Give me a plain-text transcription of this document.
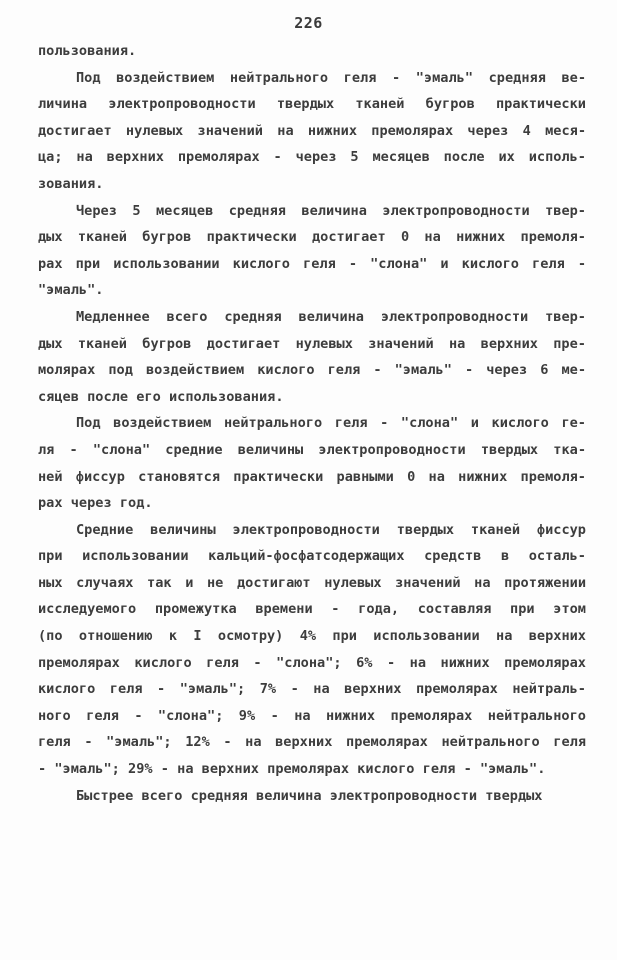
226
пользования.
Под воздействием нейтрального геля - "эмаль" средняя ве-
личина электропроводности твердых тканей бугров практически
достигает нулевых значений на нижних премолярах через 4 меся-
ца; на верхних премолярах - через 5 месяцев после их исполь-
зования.
Через 5 месяцев средняя величина электропроводности твер-
дых тканей бугров практически достигает 0 на нижних премоля-
рах при использовании кислого геля - "слона" и кислого геля -
"эмаль".
Медленнее всего средняя величина электропроводности твер-
дых тканей бугров достигает нулевых значений на верхних пре-
молярах под воздействием кислого геля - "эмаль" - через 6 ме-
сяцев после его использования.
Под воздействием нейтрального геля - "слона" и кислого ге-
ля - "слона" средние величины электропроводности твердых тка-
ней фиссур становятся практически равными 0 на нижних премоля-
рах через год.
Средние величины электропроводности твердых тканей фиссур
при использовании кальций-фосфатсодержащих средств в осталь-
ных случаях так и не достигают нулевых значений на протяжении
исследуемого промежутка времени - года, составляя при этом
(по отношению к I осмотру) 4% при использовании на верхних
премолярах кислого геля - "слона"; 6% - на нижних премолярах
кислого геля - "эмаль"; 7% - на верхних премолярах нейтраль-
ного геля - "слона"; 9% - на нижних премолярах нейтрального
геля - "эмаль"; 12% - на верхних премолярах нейтрального геля
- "эмаль"; 29% - на верхних премолярах кислого геля - "эмаль".
Быстрее всего средняя величина электропроводности твердых
